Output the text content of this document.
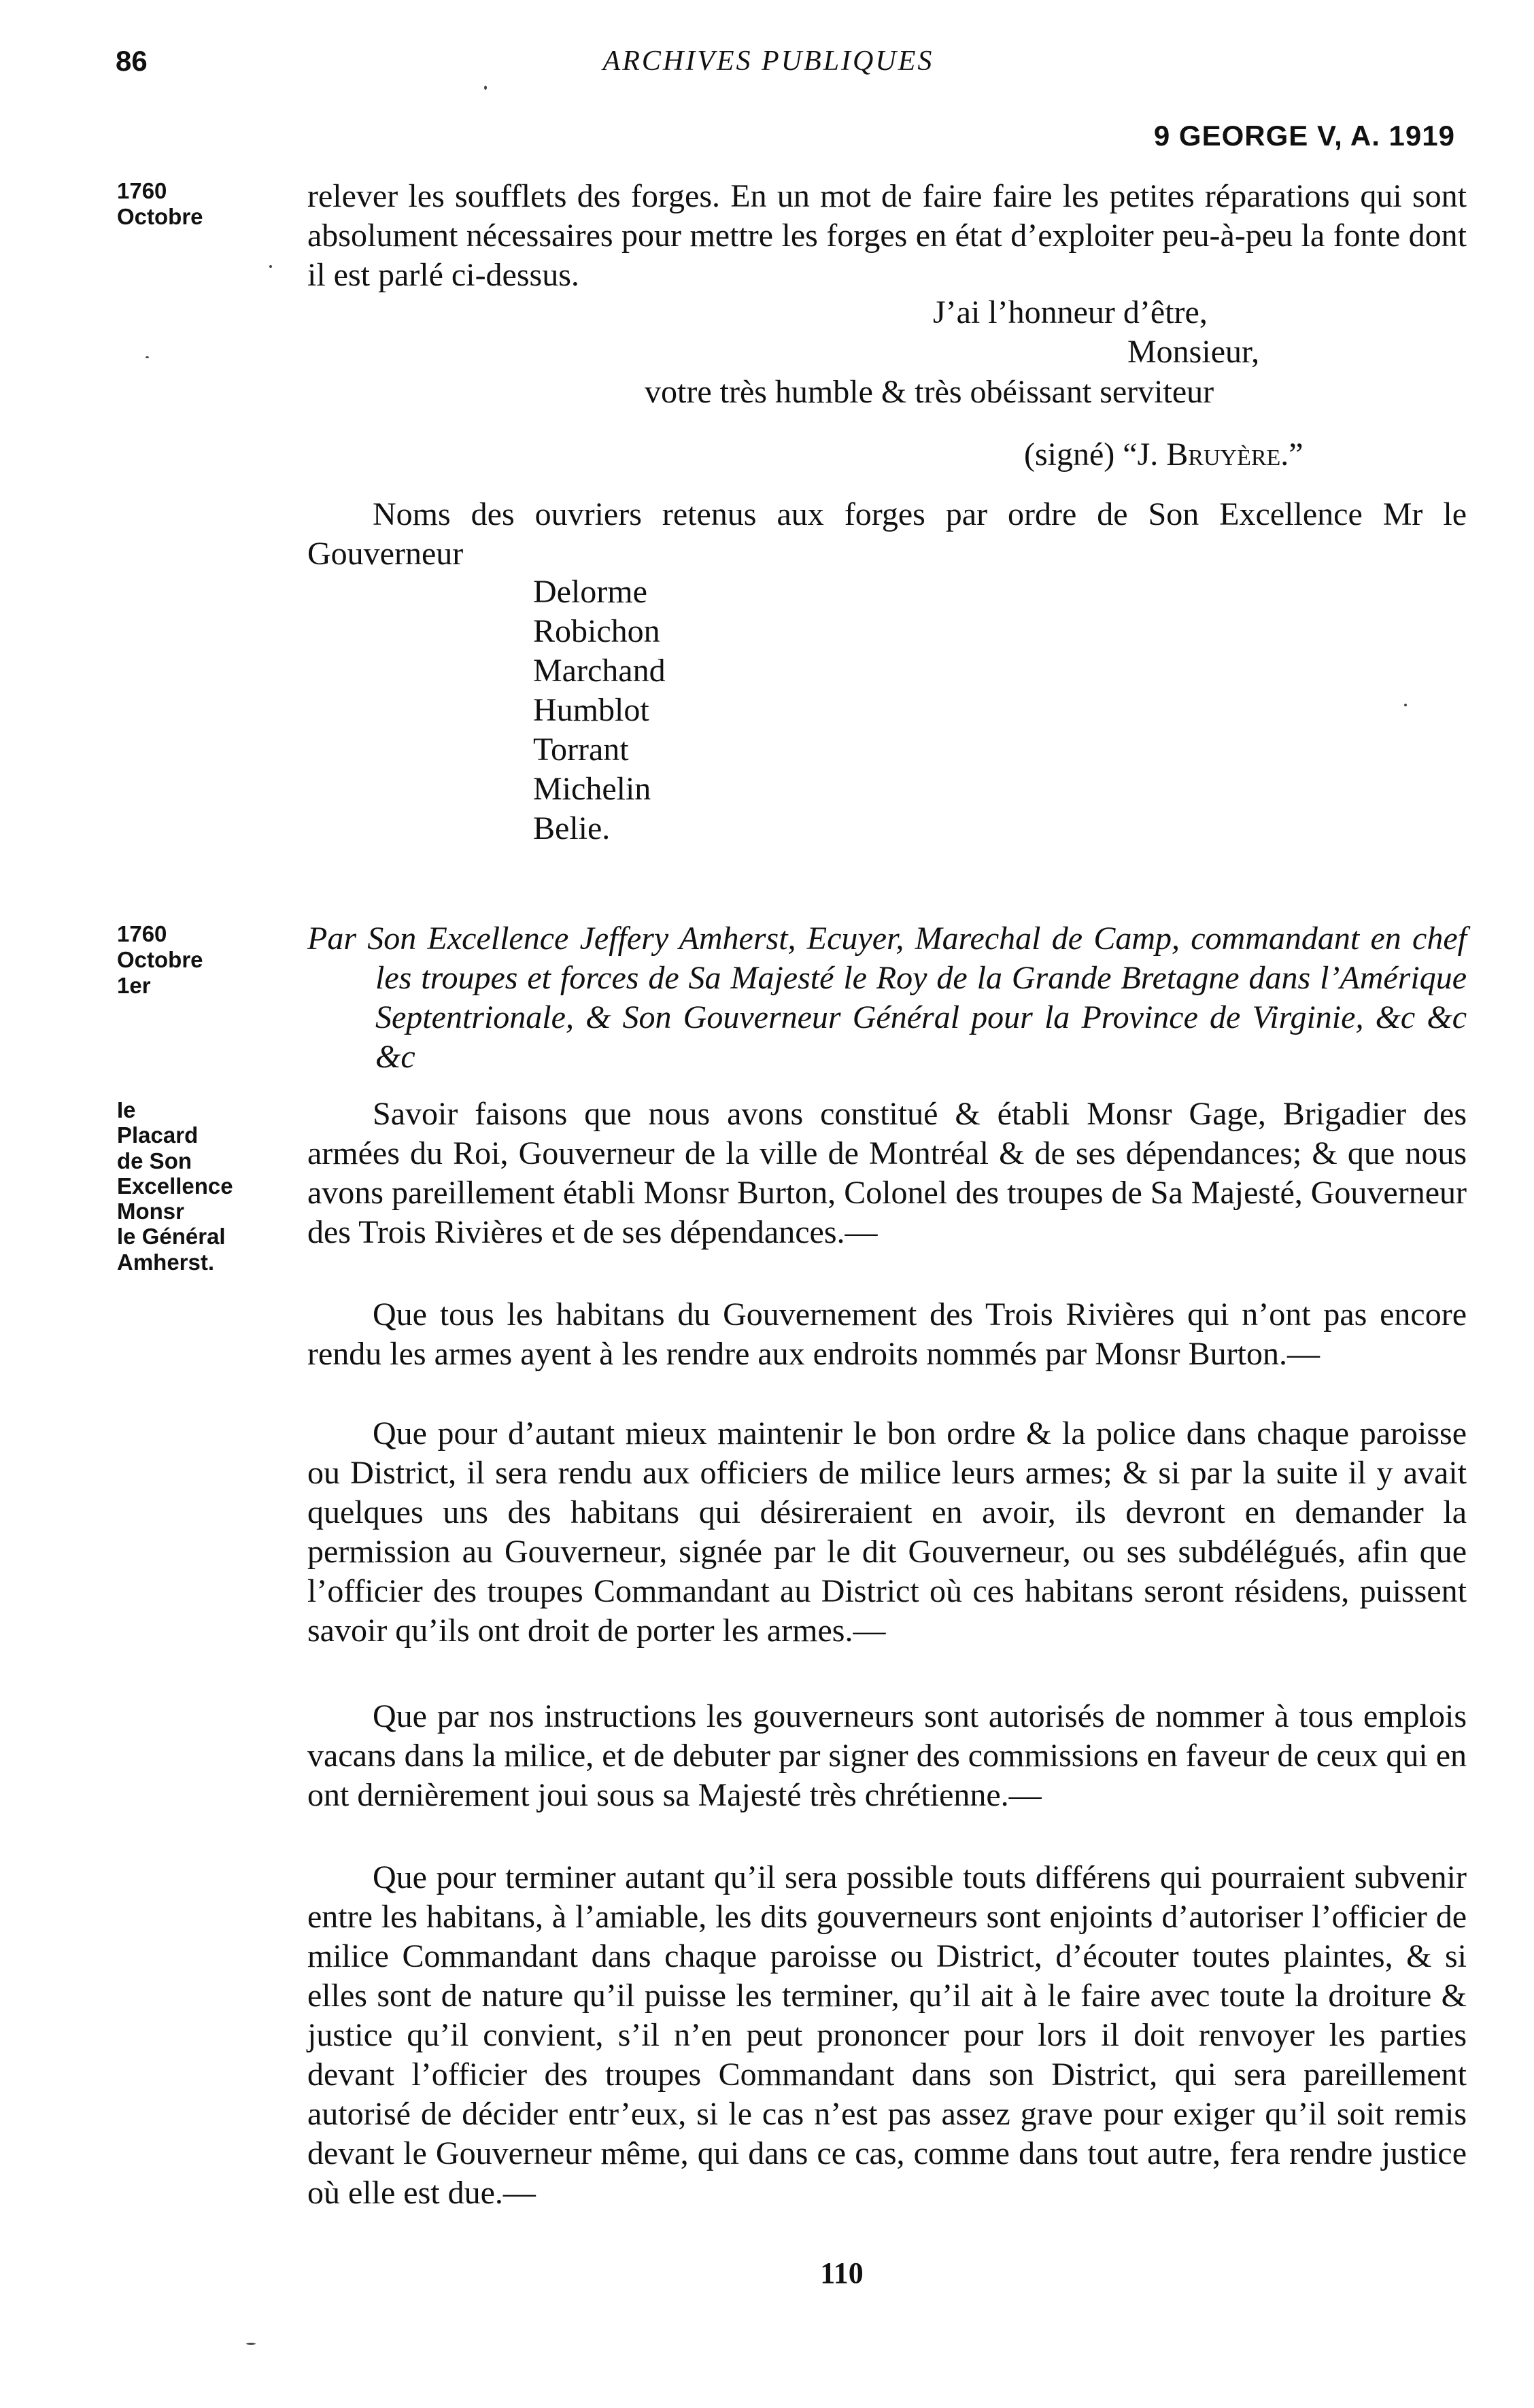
86	ARCHIVES PUBLIQUES
9 GEORGE V, A. 1919
1760
Octobre

relever les soufflets des forges. En un mot de faire faire les petites réparations qui sont absolument nécessaires pour mettre les forges en état d’exploiter peu-à-peu la fonte dont il est parlé ci-dessus.

J’ai l’honneur d’être,
Monsieur,
votre très humble & très obéissant serviteur
(signé) “J. Bruyère.”

Noms des ouvriers retenus aux forges par ordre de Son Excellence Mr le Gouverneur

Delorme
Robichon
Marchand
Humblot
Torrant
Michelin
Belie.
1760
Octobre
1er

Par Son Excellence Jeffery Amherst, Ecuyer, Marechal de Camp, commandant en chef les troupes et forces de Sa Majesté le Roy de la Grande Bretagne dans l’Amérique Septentrionale, & Son Gouverneur Général pour la Province de Virginie, &c &c &c

Ie
Placard
de Son
Excellence
Monsr
le Général
Amherst.

Savoir faisons que nous avons constitué & établi Monsr Gage, Brigadier des armées du Roi, Gouverneur de la ville de Montréal & de ses dépendances; & que nous avons pareillement établi Monsr Burton, Colonel des troupes de Sa Majesté, Gouverneur des Trois Rivières et de ses dépendances.—

Que tous les habitans du Gouvernement des Trois Rivières qui n’ont pas encore rendu les armes ayent à les rendre aux endroits nommés par Monsr Burton.—

Que pour d’autant mieux maintenir le bon ordre & la police dans chaque paroisse ou District, il sera rendu aux officiers de milice leurs armes; & si par la suite il y avait quelques uns des habitans qui désireraient en avoir, ils devront en demander la permission au Gouverneur, signée par le dit Gouverneur, ou ses subdélégués, afin que l’officier des troupes Commandant au District où ces habitans seront résidens, puissent savoir qu’ils ont droit de porter les armes.—

Que par nos instructions les gouverneurs sont autorisés de nommer à tous emplois vacans dans la milice, et de debuter par signer des commissions en faveur de ceux qui en ont dernièrement joui sous sa Majesté très chrétienne.—

Que pour terminer autant qu’il sera possible touts différens qui pourraient subvenir entre les habitans, à l’amiable, les dits gouverneurs sont enjoints d’autoriser l’officier de milice Commandant dans chaque paroisse ou District, d’écouter toutes plaintes, & si elles sont de nature qu’il puisse les terminer, qu’il ait à le faire avec toute la droiture & justice qu’il convient, s’il n’en peut prononcer pour lors il doit renvoyer les parties devant l’officier des troupes Commandant dans son District, qui sera pareillement autorisé de décider entr’eux, si le cas n’est pas assez grave pour exiger qu’il soit remis devant le Gouverneur même, qui dans ce cas, comme dans tout autre, fera rendre justice où elle est due.—

110
